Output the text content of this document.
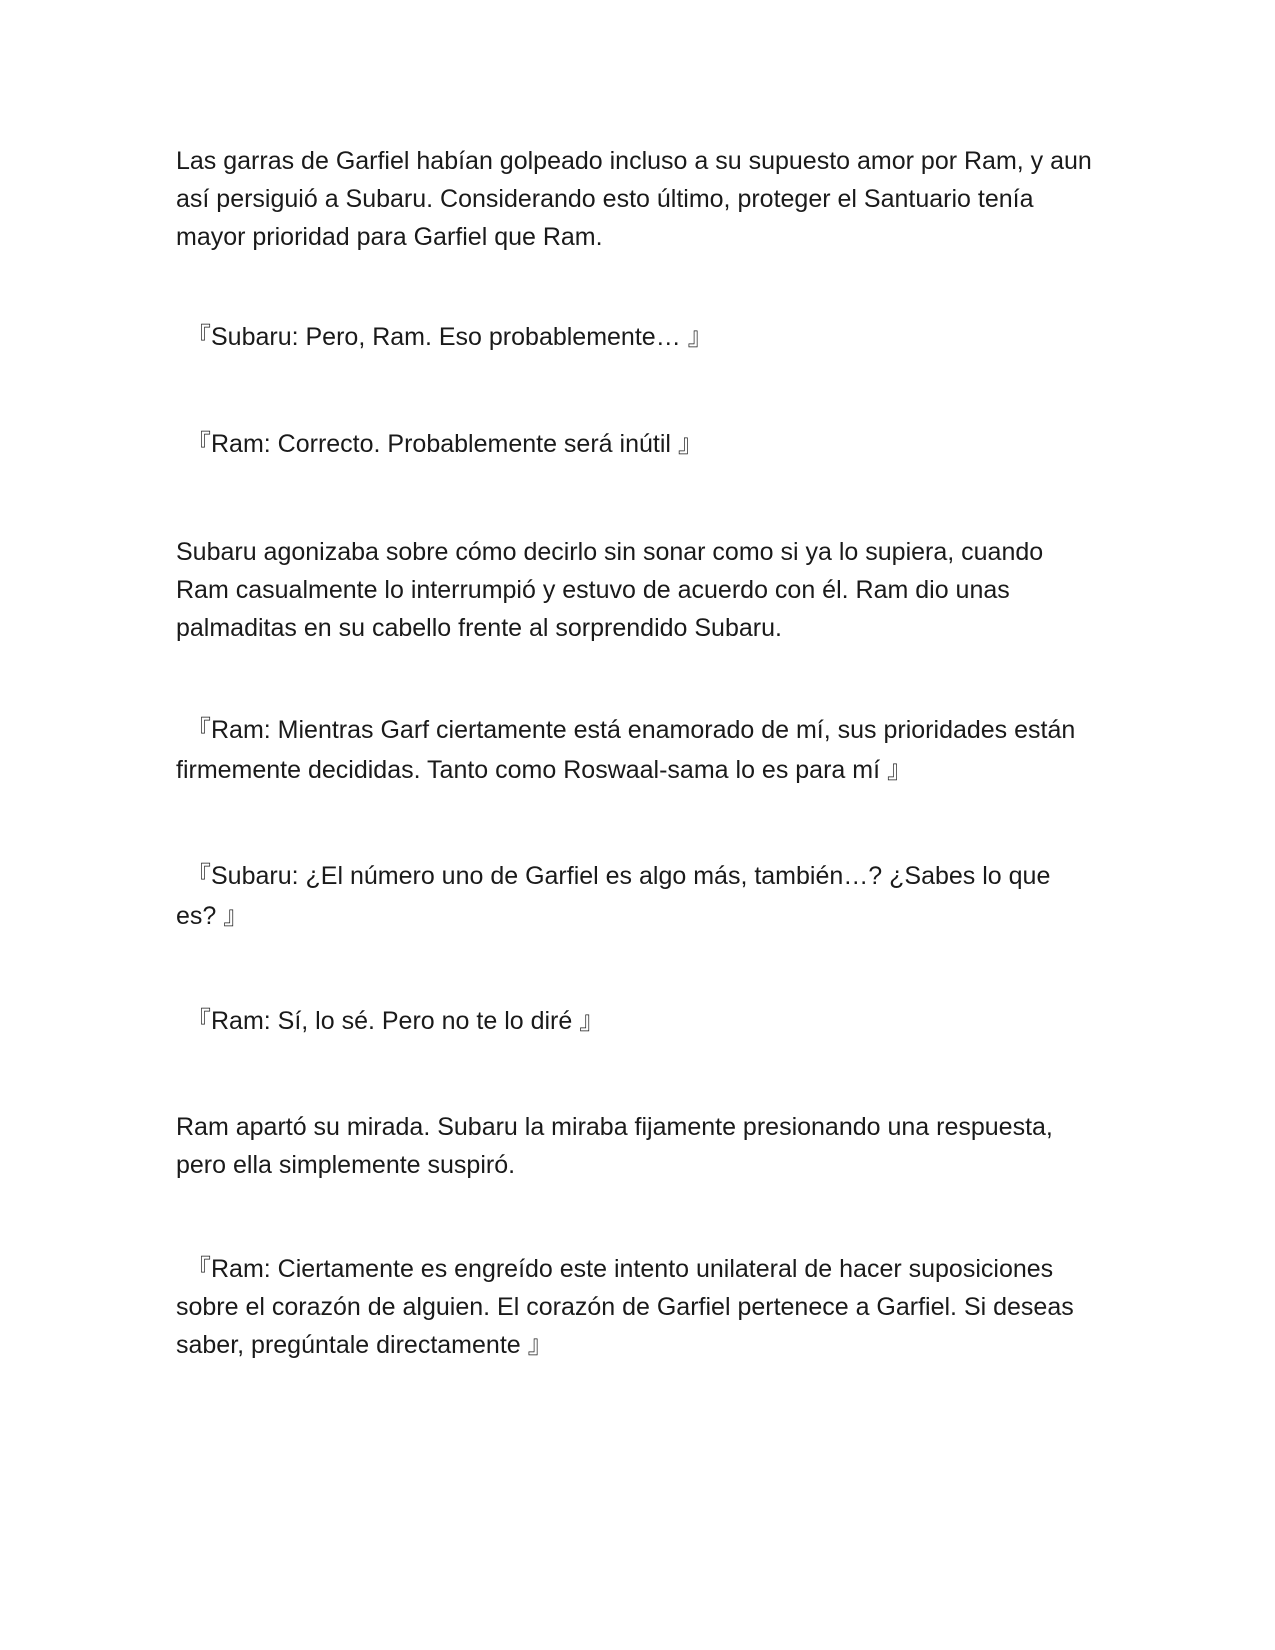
Las garras de Garfiel habían golpeado incluso a su supuesto amor por Ram, y aun así persiguió a Subaru. Considerando esto último, proteger el Santuario tenía mayor prioridad para Garfiel que Ram.

『Subaru: Pero, Ram. Eso probablemente… 』

『Ram: Correcto. Probablemente será inútil 』

Subaru agonizaba sobre cómo decirlo sin sonar como si ya lo supiera, cuando Ram casualmente lo interrumpió y estuvo de acuerdo con él. Ram dio unas palmaditas en su cabello frente al sorprendido Subaru.

『Ram: Mientras Garf ciertamente está enamorado de mí, sus prioridades están firmemente decididas. Tanto como Roswaal-sama lo es para mí 』

『Subaru: ¿El número uno de Garfiel es algo más, también…? ¿Sabes lo que es? 』

『Ram: Sí, lo sé. Pero no te lo diré 』

Ram apartó su mirada. Subaru la miraba fijamente presionando una respuesta, pero ella simplemente suspiró.

『Ram: Ciertamente es engreído este intento unilateral de hacer suposiciones sobre el corazón de alguien. El corazón de Garfiel pertenece a Garfiel. Si deseas saber, pregúntale directamente 』
